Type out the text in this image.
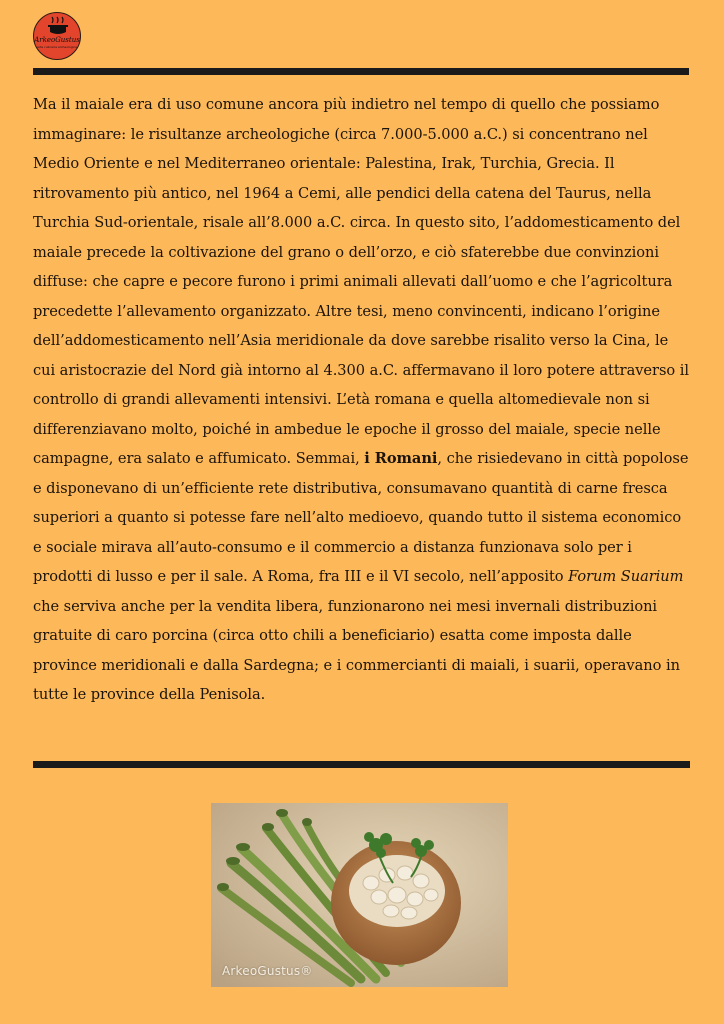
ArkeoGustus
arte culinaria archeologica

Ma il maiale era di uso comune ancora più indietro nel tempo di quello che possiamo immaginare: le risultanze archeologiche (circa 7.000-5.000 a.C.) si concentrano nel Medio Oriente e nel Mediterraneo orientale: Palestina, Irak, Turchia, Grecia. Il ritrovamento più antico, nel 1964 a Cemi, alle pendici della catena del Taurus, nella Turchia Sud-orientale, risale all’8.000 a.C. circa. In questo sito, l’addomesticamento del maiale precede la coltivazione del grano o dell’orzo, e ciò sfaterebbe due convinzioni diffuse: che capre e pecore furono i primi animali allevati dall’uomo e che l’agricoltura precedette l’allevamento organizzato. Altre tesi, meno convincenti, indicano l’origine dell’addomesticamento nell’Asia meridionale da dove sarebbe risalito verso la Cina, le cui aristocrazie del Nord già intorno al 4.300 a.C. affermavano il loro potere attraverso il controllo di grandi allevamenti intensivi. L’età romana e quella altomedievale non si differenziavano molto, poiché in ambedue le epoche il grosso del maiale, specie nelle campagne, era salato e affumicato. Semmai, i Romani, che risiedevano in città popolose e disponevano di un’efficiente rete distributiva, consumavano quantità di carne fresca superiori a quanto si potesse fare nell’alto medioevo, quando tutto il sistema economico e sociale mirava all’auto-consumo e il commercio a distanza funzionava solo per i prodotti di lusso e per il sale. A Roma, fra III e il VI secolo, nell’apposito Forum Suarium che serviva anche per la vendita libera, funzionarono nei mesi invernali distribuzioni gratuite di caro porcina (circa otto chili a beneficiario) esatta come imposta dalle province meridionali e dalla Sardegna; e i commercianti di maiali, i suarii, operavano in tutte le province della Penisola.

ArkeoGustus®
